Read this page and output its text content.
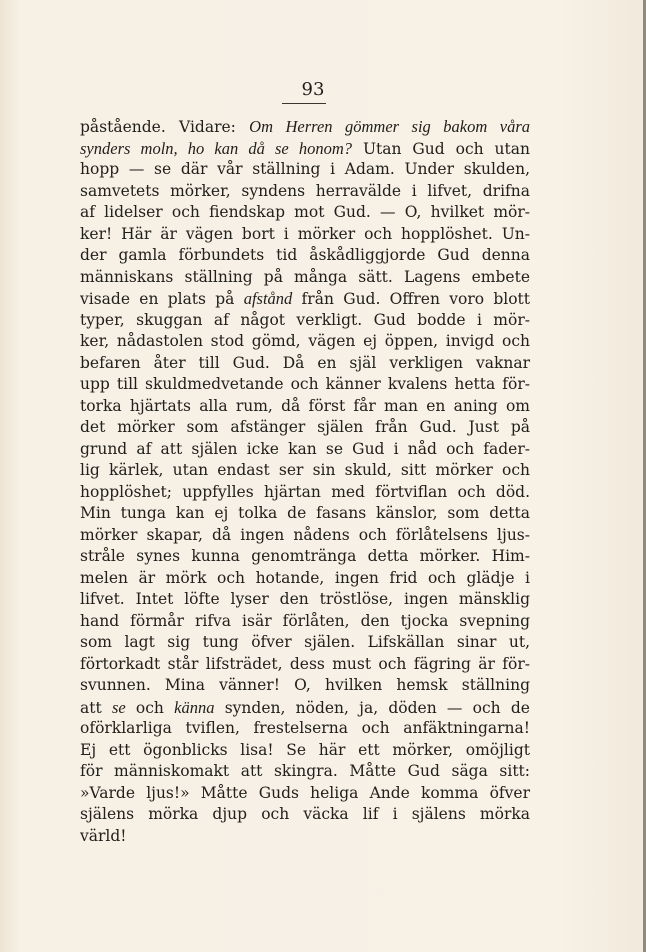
93
påstående. Vidare: Om Herren gömmer sig bakom våra
synders moln, ho kan då se honom? Utan Gud och utan
hopp — se där vår ställning i Adam. Under skulden,
samvetets mörker, syndens herravälde i lifvet, drifna
af lidelser och fiendskap mot Gud. — O, hvilket mör-
ker! Här är vägen bort i mörker och hopplöshet. Un-
der gamla förbundets tid åskådliggjorde Gud denna
människans ställning på många sätt. Lagens embete
visade en plats på afstånd från Gud. Offren voro blott
typer, skuggan af något verkligt. Gud bodde i mör-
ker, nådastolen stod gömd, vägen ej öppen, invigd och
befaren åter till Gud. Då en själ verkligen vaknar
upp till skuldmedvetande och känner kvalens hetta för-
torka hjärtats alla rum, då först får man en aning om
det mörker som afstänger själen från Gud. Just på
grund af att själen icke kan se Gud i nåd och fader-
lig kärlek, utan endast ser sin skuld, sitt mörker och
hopplöshet; uppfylles hjärtan med förtviflan och död.
Min tunga kan ej tolka de fasans känslor, som detta
mörker skapar, då ingen nådens och förlåtelsens ljus-
stråle synes kunna genomtränga detta mörker. Him-
melen är mörk och hotande, ingen frid och glädje i
lifvet. Intet löfte lyser den tröstlöse, ingen mänsklig
hand förmår rifva isär förlåten, den tjocka svepning
som lagt sig tung öfver själen. Lifskällan sinar ut,
förtorkadt står lifsträdet, dess must och fägring är för-
svunnen. Mina vänner! O, hvilken hemsk ställning
att se och känna synden, nöden, ja, döden — och de
oförklarliga tviflen, frestelserna och anfäktningarna!
Ej ett ögonblicks lisa! Se här ett mörker, omöjligt
för människomakt att skingra. Måtte Gud säga sitt:
»Varde ljus!» Måtte Guds heliga Ande komma öfver
själens mörka djup och väcka lif i själens mörka
värld!
